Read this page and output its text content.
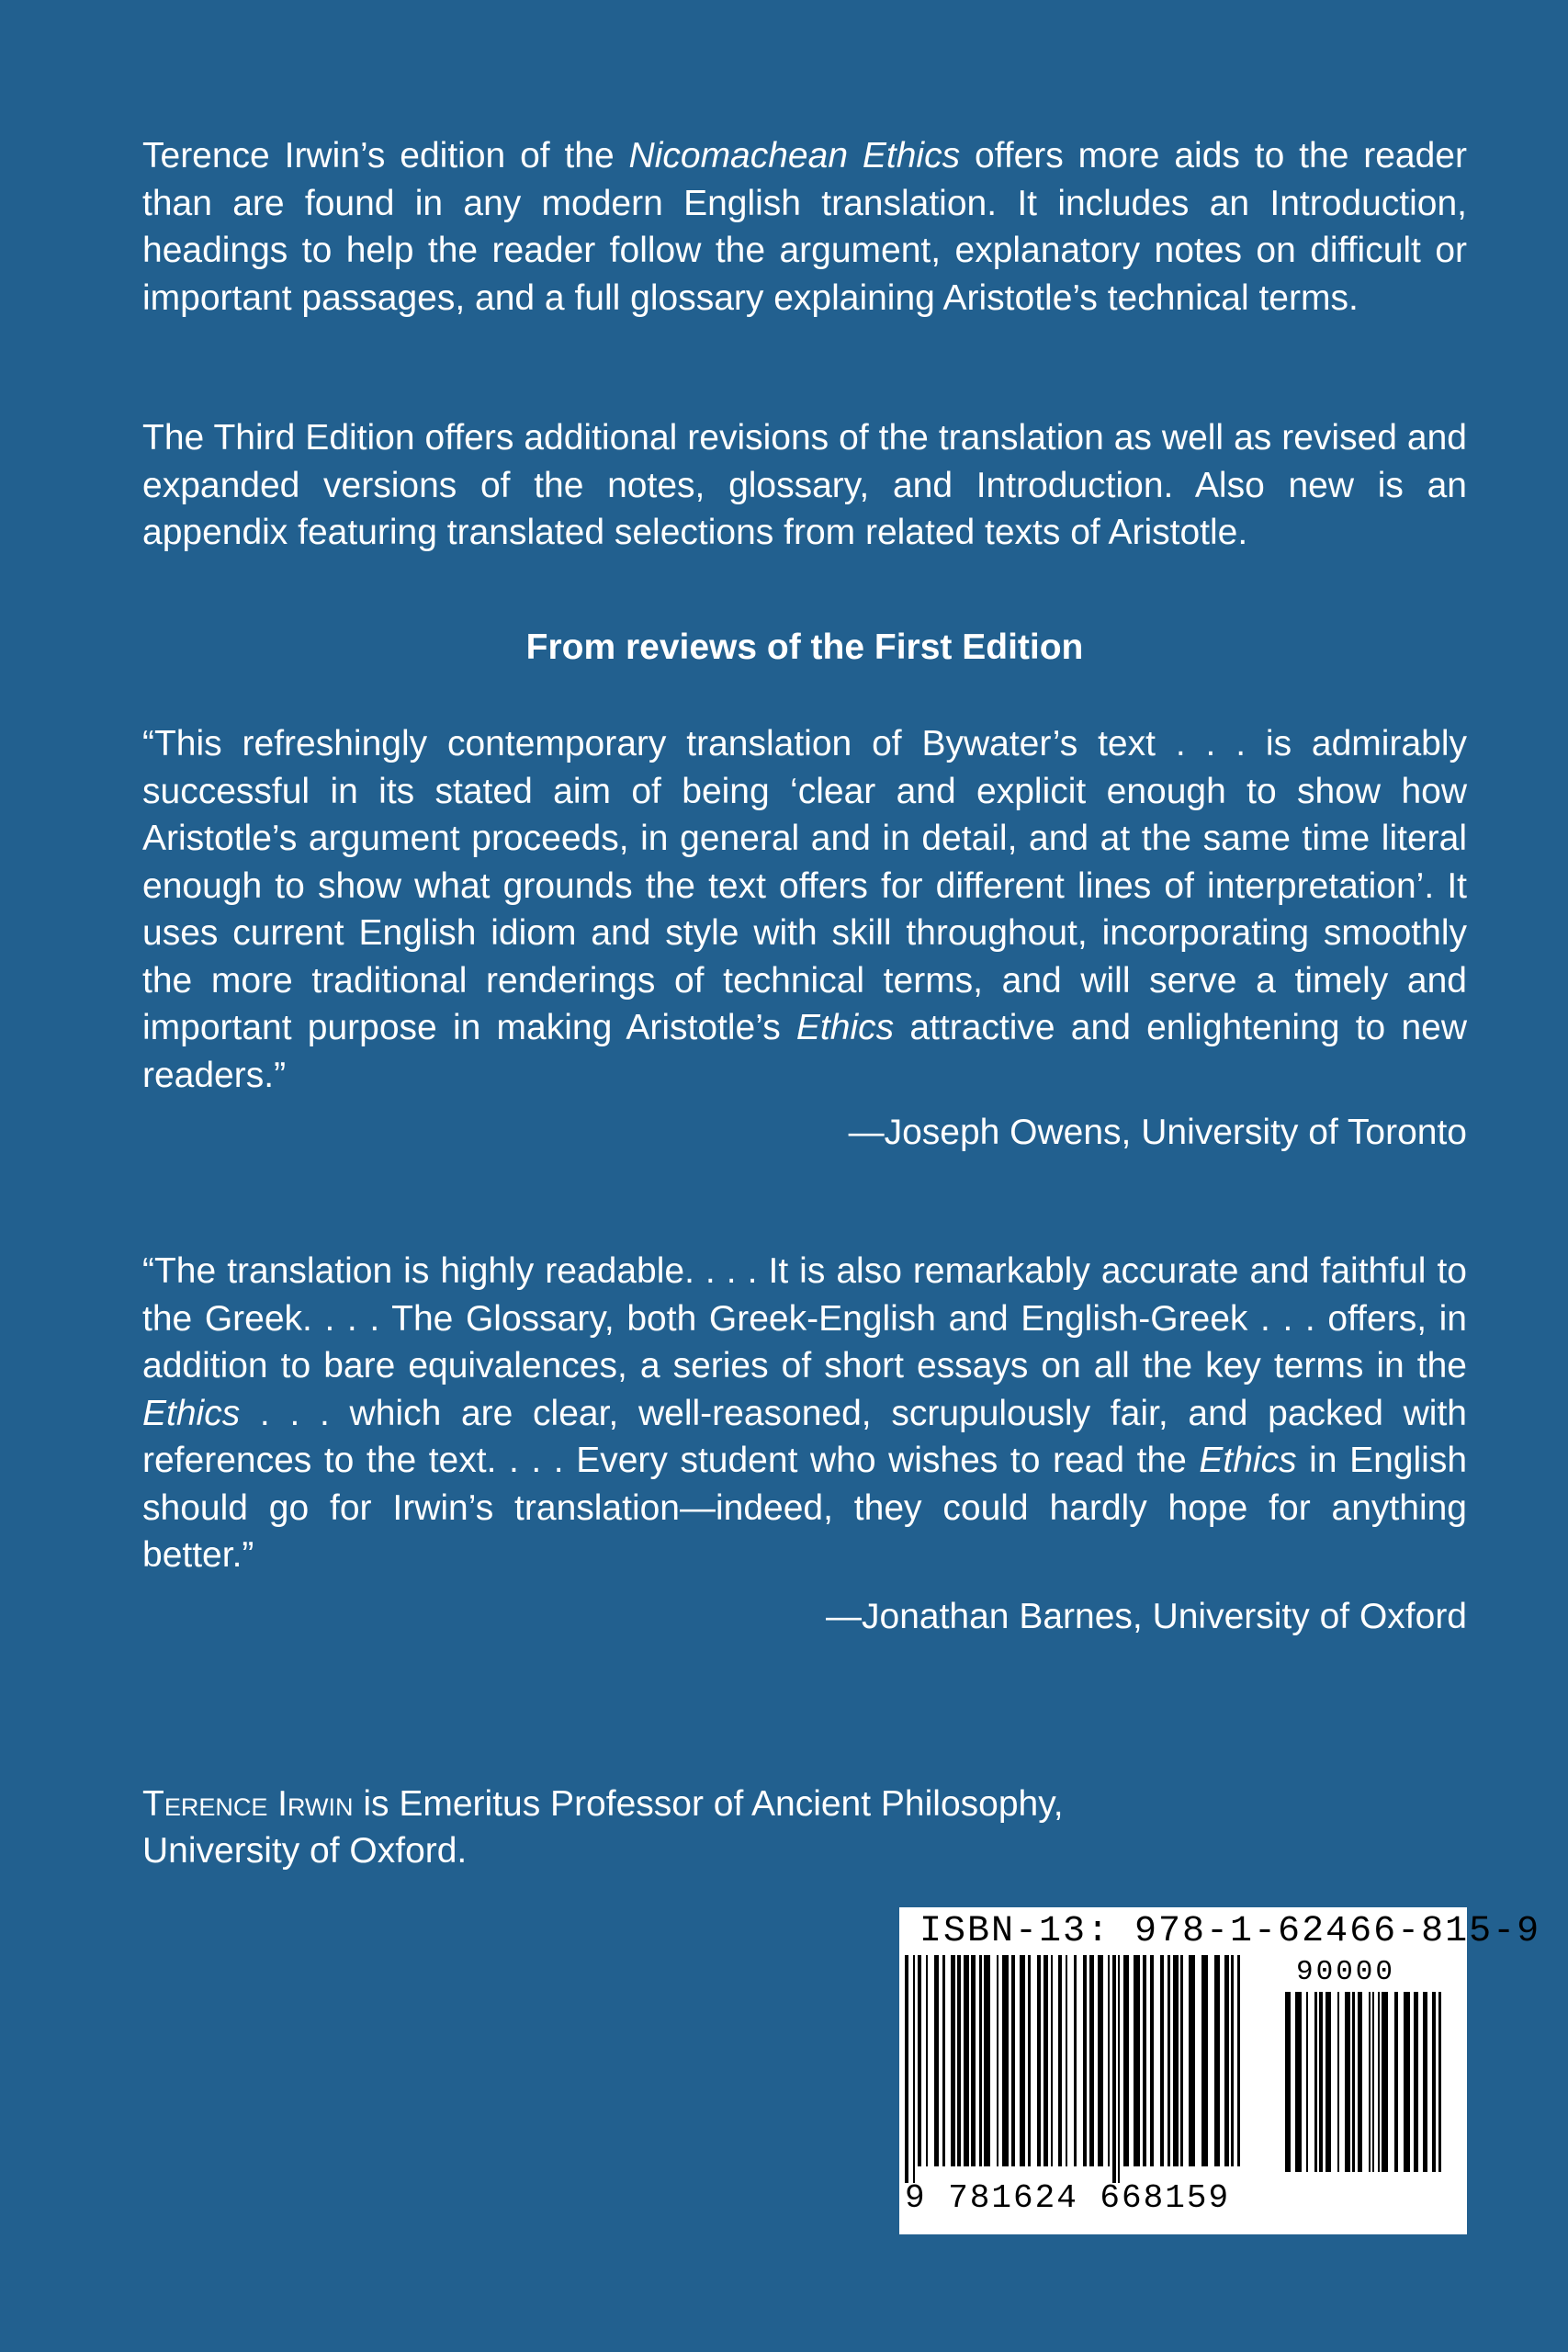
Terence Irwin’s edition of the Nicomachean Ethics offers more aids to the reader than are found in any modern English translation. It includes an Introduction, headings to help the reader follow the argument, explanatory notes on difficult or important passages, and a full glossary explaining Aristotle’s technical terms.

The Third Edition offers additional revisions of the translation as well as revised and expanded versions of the notes, glossary, and Introduction. Also new is an appendix featuring translated selections from related texts of Aristotle.

From reviews of the First Edition

“This refreshingly contemporary translation of Bywater’s text . . . is admirably successful in its stated aim of being ‘clear and explicit enough to show how Aristotle’s argument proceeds, in general and in detail, and at the same time literal enough to show what grounds the text offers for different lines of interpretation’. It uses current English idiom and style with skill throughout, incorporating smoothly the more traditional renderings of technical terms, and will serve a timely and important purpose in making Aristotle’s Ethics attractive and enlightening to new readers.”

—Joseph Owens, University of Toronto

“The translation is highly readable. . . . It is also remarkably accurate and faithful to the Greek. . . . The Glossary, both Greek-English and English-Greek . . . offers, in addition to bare equivalences, a series of short essays on all the key terms in the Ethics . . . which are clear, well-reasoned, scrupulously fair, and packed with references to the text. . . . Every student who wishes to read the Ethics in English should go for Irwin’s translation—indeed, they could hardly hope for anything better.”

—Jonathan Barnes, University of Oxford

Terence Irwin is Emeritus Professor of Ancient Philosophy,
University of Oxford.

ISBN-13: 978-1-62466-815-9

90000

9 781624 668159
